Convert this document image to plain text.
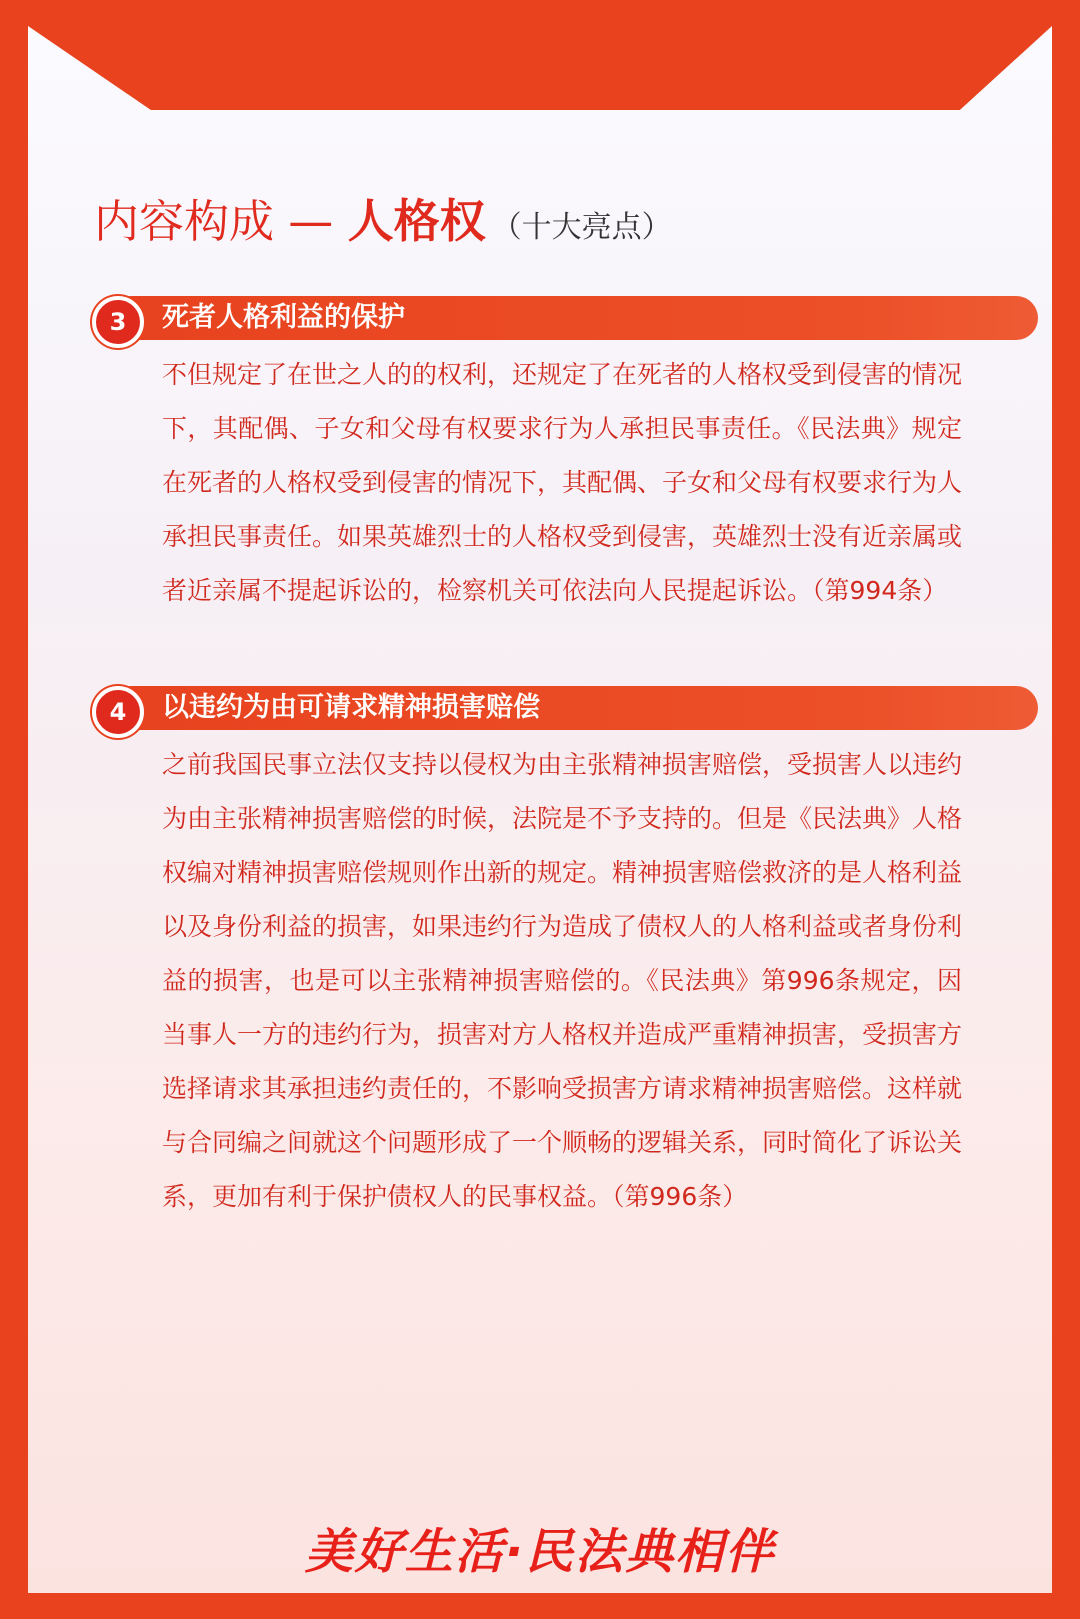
内容构成 — 人格权 （十大亮点）
3	死者人格利益的保护
不但规定了在世之人的的权利，还规定了在死者的人格权受到侵害的情况下，其配偶、子女和父母有权要求行为人承担民事责任。《民法典》规定在死者的人格权受到侵害的情况下，其配偶、子女和父母有权要求行为人承担民事责任。如果英雄烈士的人格权受到侵害，英雄烈士没有近亲属或者近亲属不提起诉讼的，检察机关可依法向人民提起诉讼。（第994条）
4	以违约为由可请求精神损害赔偿
之前我国民事立法仅支持以侵权为由主张精神损害赔偿，受损害人以违约为由主张精神损害赔偿的时候，法院是不予支持的。但是《民法典》人格权编对精神损害赔偿规则作出新的规定。精神损害赔偿救济的是人格利益以及身份利益的损害，如果违约行为造成了债权人的人格利益或者身份利益的损害，也是可以主张精神损害赔偿的。《民法典》第996条规定，因当事人一方的违约行为，损害对方人格权并造成严重精神损害，受损害方选择请求其承担违约责任的，不影响受损害方请求精神损害赔偿。这样就与合同编之间就这个问题形成了一个顺畅的逻辑关系，同时简化了诉讼关系，更加有利于保护债权人的民事权益。（第996条）
美好生活·民法典相伴
